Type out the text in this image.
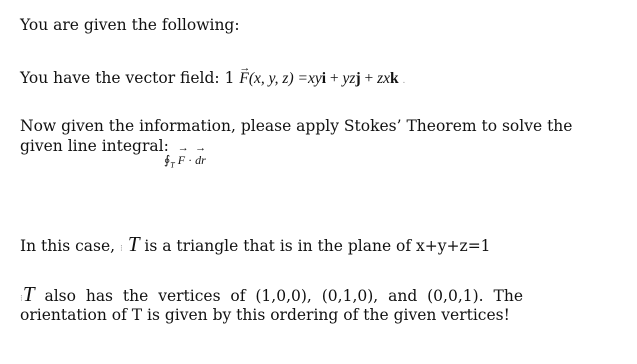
You are given the following:
You have the vector field: 1 → F(x, y, z) =xyi + yzj + zxk .
Now given the information, please apply Stokes’ Theorem to solve the
given line integral:
$∮_T \to F$ · → dr
In this case, ⁝ T is a triangle that is in the plane of x+y+z=1
⁝T also has the vertices of (1,0,0), (0,1,0), and (0,0,1). The
orientation of T is given by this ordering of the given vertices!
